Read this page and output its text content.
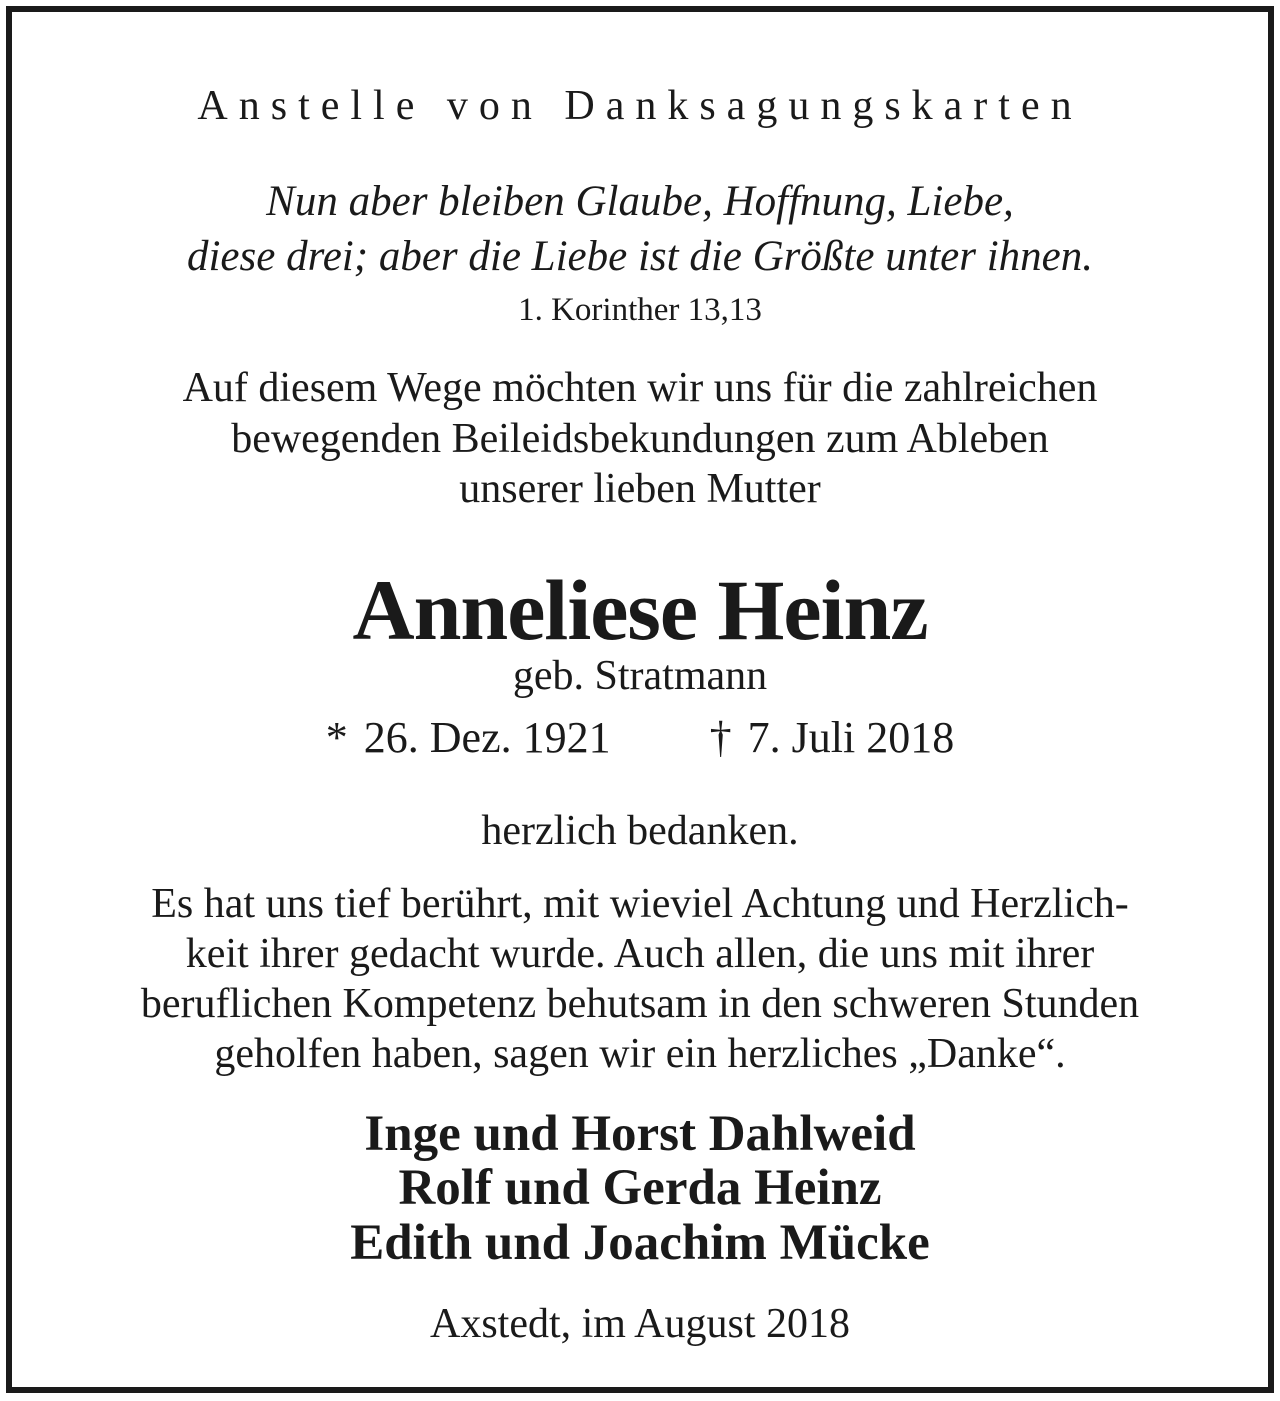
Anstelle von Danksagungskarten
Nun aber bleiben Glaube, Hoffnung, Liebe,
diese drei; aber die Liebe ist die Größte unter ihnen.
1. Korinther 13,13
Auf diesem Wege möchten wir uns für die zahlreichen
bewegenden Beileidsbekundungen zum Ableben
unserer lieben Mutter
Anneliese Heinz
geb. Stratmann
* 26. Dez. 1921 † 7. Juli 2018
herzlich bedanken.
Es hat uns tief berührt, mit wieviel Achtung und Herzlich-
keit ihrer gedacht wurde. Auch allen, die uns mit ihrer
beruflichen Kompetenz behutsam in den schweren Stunden
geholfen haben, sagen wir ein herzliches „Danke“.
Inge und Horst Dahlweid
Rolf und Gerda Heinz
Edith und Joachim Mücke
Axstedt, im August 2018
